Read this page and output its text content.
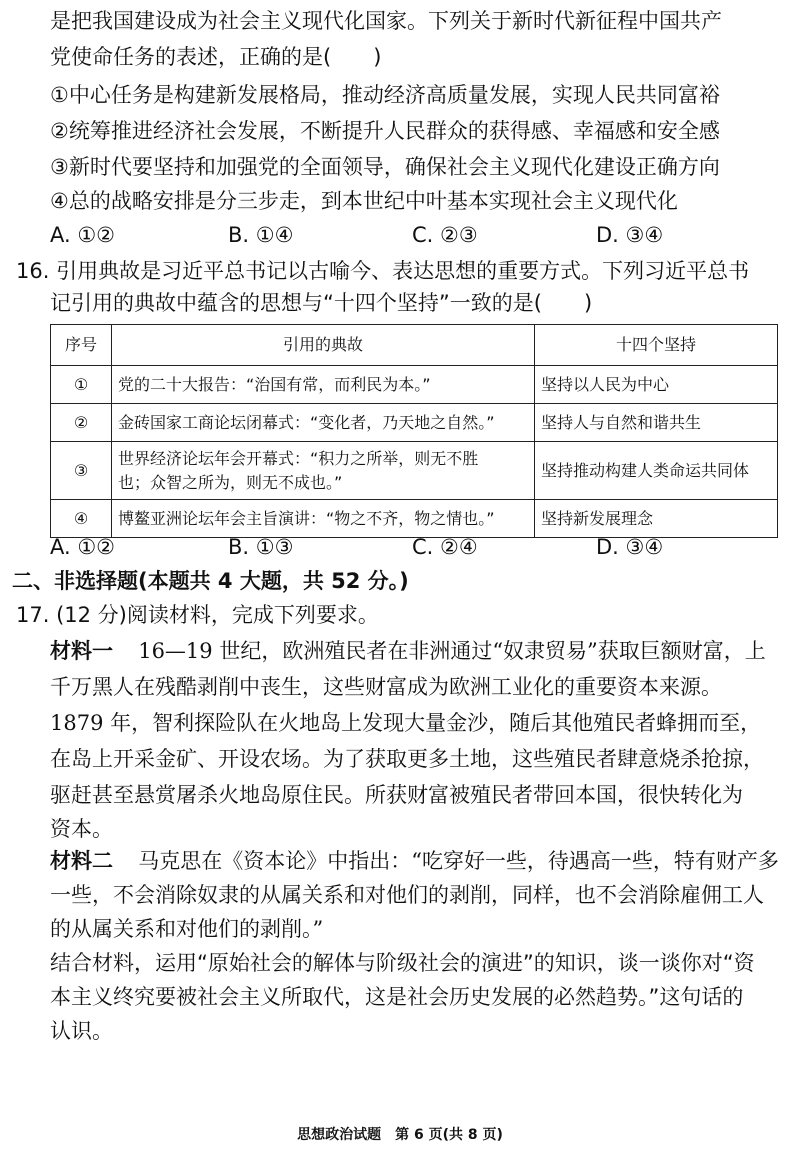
是把我国建设成为社会主义现代化国家。下列关于新时代新征程中国共产
党使命任务的表述，正确的是(　　)
①中心任务是构建新发展格局，推动经济高质量发展，实现人民共同富裕
②统筹推进经济社会发展，不断提升人民群众的获得感、幸福感和安全感
③新时代要坚持和加强党的全面领导，确保社会主义现代化建设正确方向
④总的战略安排是分三步走，到本世纪中叶基本实现社会主义现代化
A. ①②	B. ①④	C. ②③	D. ③④
16. 引用典故是习近平总书记以古喻今、表达思想的重要方式。下列习近平总书
记引用的典故中蕴含的思想与“十四个坚持”一致的是(　　)
序号	引用的典故	十四个坚持
①	党的二十大报告：“治国有常，而利民为本。”	坚持以人民为中心
②	金砖国家工商论坛闭幕式：“变化者，乃天地之自然。”	坚持人与自然和谐共生
③	世界经济论坛年会开幕式：“积力之所举，则无不胜
也；众智之所为，则无不成也。”	坚持推动构建人类命运共同体
④	博鳌亚洲论坛年会主旨演讲：“物之不齐，物之情也。”	坚持新发展理念
A. ①②	B. ①③	C. ②④	D. ③④
二、非选择题(本题共 4 大题，共 52 分。)
17. (12 分)阅读材料，完成下列要求。
材料一　  16—19 世纪，欧洲殖民者在非洲通过“奴隶贸易”获取巨额财富，上
千万黑人在残酷剥削中丧生，这些财富成为欧洲工业化的重要资本来源。
1879 年，智利探险队在火地岛上发现大量金沙，随后其他殖民者蜂拥而至，
在岛上开采金矿、开设农场。为了获取更多土地，这些殖民者肆意烧杀抢掠，
驱赶甚至悬赏屠杀火地岛原住民。所获财富被殖民者带回本国，很快转化为
资本。
材料二　  马克思在《资本论》中指出：“吃穿好一些，待遇高一些，特有财产多
一些，不会消除奴隶的从属关系和对他们的剥削，同样，也不会消除雇佣工人
的从属关系和对他们的剥削。”
结合材料，运用“原始社会的解体与阶级社会的演进”的知识，谈一谈你对“资
本主义终究要被社会主义所取代，这是社会历史发展的必然趋势。”这句话的
认识。
思想政治试题　第 6 页(共 8 页)
